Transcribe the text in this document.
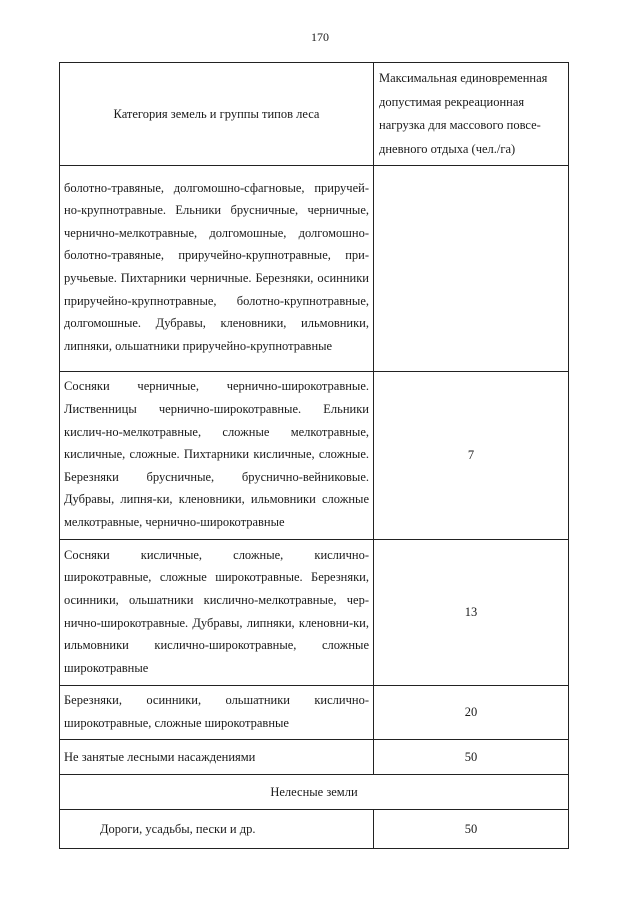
170
Категория земель и группы типов леса	Максимальная единовременная допустимая рекреационная нагрузка для массового повсе-дневного отдыха (чел./га)
болотно-травяные, долгомошно-сфагновые, приручей-но-крупнотравные. Ельники брусничные, черничные, чернично-мелкотравные, долгомошные, долгомошно-болотно-травяные, приручейно-крупнотравные, при-ручьевые. Пихтарники черничные. Березняки, осинники приручейно-крупнотравные, болотно-крупнотравные, долгомошные. Дубравы, кленовники, ильмовники, липняки, ольшатники приручейно-крупнотравные	
Сосняки черничные, чернично-широкотравные. Лиственницы чернично-широкотравные. Ельники кислич-но-мелкотравные, сложные мелкотравные, кисличные, сложные. Пихтарники кисличные, сложные. Березняки брусничные, бруснично-вейниковые. Дубравы, липня-ки, кленовники, ильмовники сложные мелкотравные, чернично-широкотравные	7
Сосняки кисличные, сложные, кислично-широкотравные, сложные широкотравные. Березняки, осинники, ольшатники кислично-мелкотравные, чер-нично-широкотравные. Дубравы, липняки, кленовни-ки, ильмовники кислично-широкотравные, сложные широкотравные	13
Березняки, осинники, ольшатники кислично-широкотравные, сложные широкотравные	20
Не занятые лесными насаждениями	50
Нелесные земли	
Дороги, усадьбы, пески и др.	50
